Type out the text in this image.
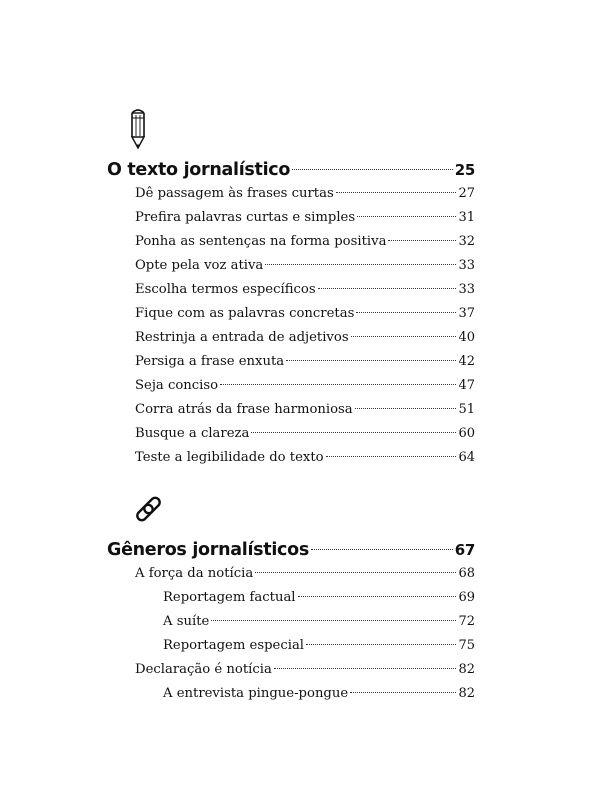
O texto jornalístico	25
Dê passagem às frases curtas	27
Prefira palavras curtas e simples	31
Ponha as sentenças na forma positiva	32
Opte pela voz ativa	33
Escolha termos específicos	33
Fique com as palavras concretas	37
Restrinja a entrada de adjetivos	40
Persiga a frase enxuta	42
Seja conciso	47
Corra atrás da frase harmoniosa	51
Busque a clareza	60
Teste a legibilidade do texto	64
Gêneros jornalísticos	67
A força da notícia	68
Reportagem factual	69
A suíte	72
Reportagem especial	75
Declaração é notícia	82
A entrevista pingue-pongue	82
